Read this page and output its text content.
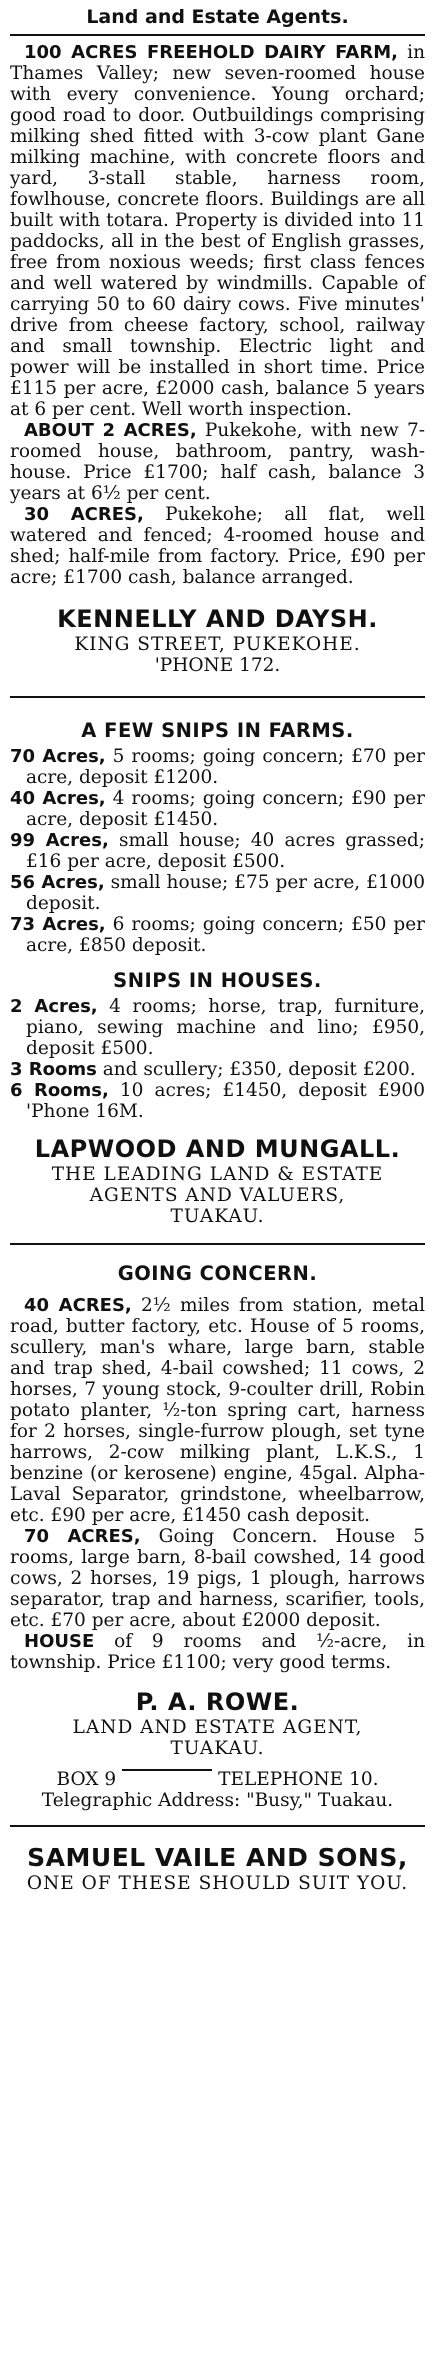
Land and Estate Agents.

100 ACRES FREEHOLD DAIRY FARM, in Thames Valley; new seven-roomed house with every convenience. Young orchard; good road to door. Outbuildings comprising milking shed fitted with 3-cow plant Gane milking machine, with concrete floors and yard, 3-stall stable, harness room, fowlhouse, concrete floors. Buildings are all built with totara. Property is divided into 11 paddocks, all in the best of English grasses, free from noxious weeds; first class fences and well watered by windmills. Capable of carrying 50 to 60 dairy cows. Five minutes' drive from cheese factory, school, railway and small township. Electric light and power will be installed in short time. Price £115 per acre, £2000 cash, balance 5 years at 6 per cent. Well worth inspection.

ABOUT 2 ACRES, Pukekohe, with new 7-roomed house, bathroom, pantry, wash-house. Price £1700; half cash, balance 3 years at 6½ per cent.

30 ACRES, Pukekohe; all flat, well watered and fenced; 4-roomed house and shed; half-mile from factory. Price, £90 per acre; £1700 cash, balance arranged.

KENNELLY AND DAYSH.
KING STREET, PUKEKOHE.
'PHONE 172.
A FEW SNIPS IN FARMS.

70 Acres, 5 rooms; going concern; £70 per acre, deposit £1200.

40 Acres, 4 rooms; going concern; £90 per acre, deposit £1450.

99 Acres, small house; 40 acres grassed; £16 per acre, deposit £500.

56 Acres, small house; £75 per acre, £1000 deposit.

73 Acres, 6 rooms; going concern; £50 per acre, £850 deposit.

SNIPS IN HOUSES.

2 Acres, 4 rooms; horse, trap, furniture, piano, sewing machine and lino; £950, deposit £500.

3 Rooms and scullery; £350, deposit £200.

6 Rooms, 10 acres; £1450, deposit £900 'Phone 16M.

LAPWOOD AND MUNGALL.
THE LEADING LAND & ESTATE AGENTS AND VALUERS,
TUAKAU.
GOING CONCERN.

40 ACRES, 2½ miles from station, metal road, butter factory, etc. House of 5 rooms, scullery, man's whare, large barn, stable and trap shed, 4-bail cowshed; 11 cows, 2 horses, 7 young stock, 9-coulter drill, Robin potato planter, ½-ton spring cart, harness for 2 horses, single-furrow plough, set tyne harrows, 2-cow milking plant, L.K.S., 1 benzine (or kerosene) engine, 45gal. Alpha-Laval Separator, grindstone, wheelbarrow, etc. £90 per acre, £1450 cash deposit.

70 ACRES, Going Concern. House 5 rooms, large barn, 8-bail cowshed, 14 good cows, 2 horses, 19 pigs, 1 plough, harrows separator, trap and harness, scarifier, tools, etc. £70 per acre, about £2000 deposit.

HOUSE of 9 rooms and ½-acre, in township. Price £1100; very good terms.

P. A. ROWE.
LAND AND ESTATE AGENT,
TUAKAU.
BOX 9	TELEPHONE 10.
Telegraphic Address: "Busy," Tuakau.
SAMUEL VAILE AND SONS,
ONE OF THESE SHOULD SUIT YOU.
